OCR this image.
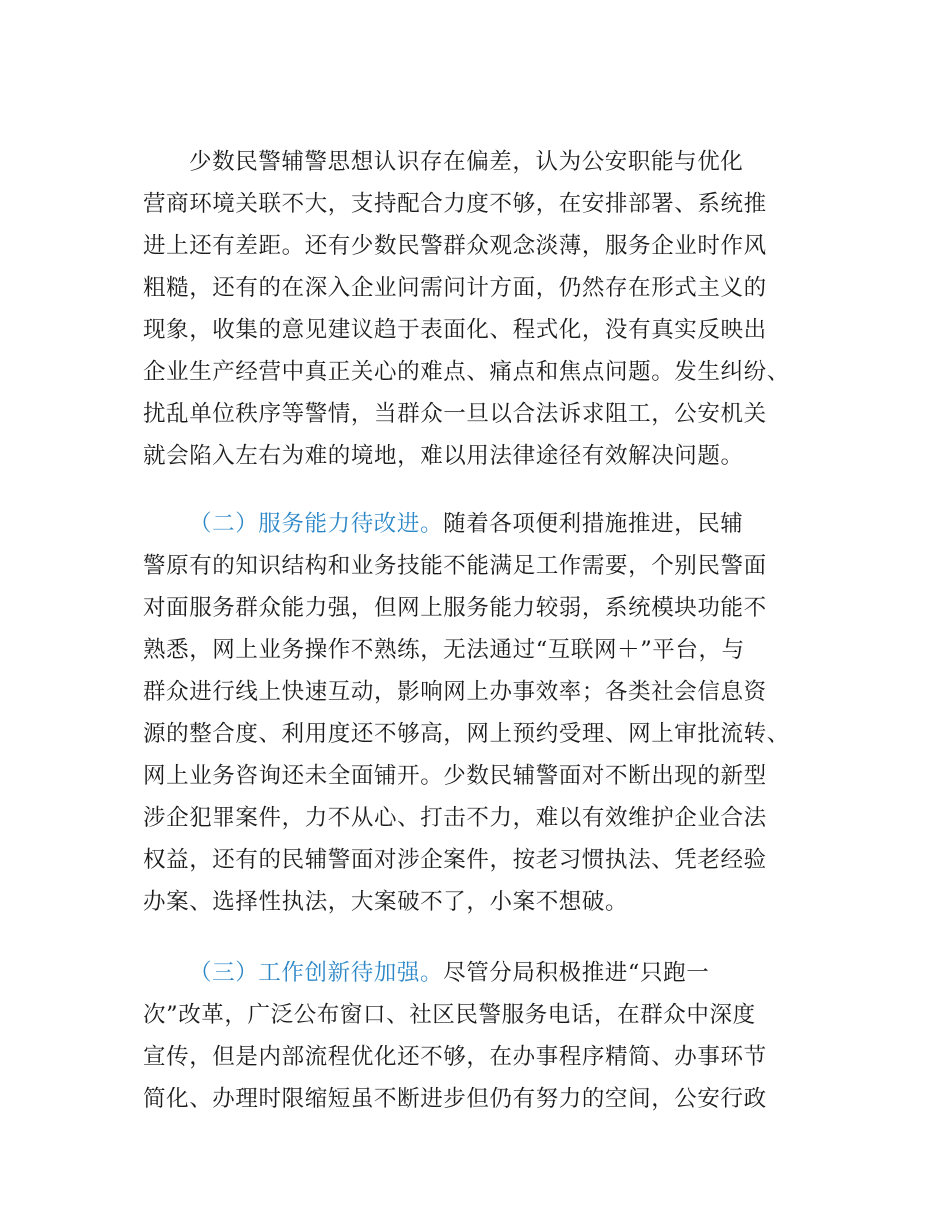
少数民警辅警思想认识存在偏差，认为公安职能与优化
营商环境关联不大，支持配合力度不够，在安排部署、系统推
进上还有差距。还有少数民警群众观念淡薄，服务企业时作风
粗糙，还有的在深入企业问需问计方面，仍然存在形式主义的
现象，收集的意见建议趋于表面化、程式化，没有真实反映出
企业生产经营中真正关心的难点、痛点和焦点问题。发生纠纷、
扰乱单位秩序等警情，当群众一旦以合法诉求阻工，公安机关
就会陷入左右为难的境地，难以用法律途径有效解决问题。
（二）服务能力待改进。随着各项便利措施推进，民辅
警原有的知识结构和业务技能不能满足工作需要，个别民警面
对面服务群众能力强，但网上服务能力较弱，系统模块功能不
熟悉，网上业务操作不熟练，无法通过“互联网＋”平台，与
群众进行线上快速互动，影响网上办事效率；各类社会信息资
源的整合度、利用度还不够高，网上预约受理、网上审批流转、
网上业务咨询还未全面铺开。少数民辅警面对不断出现的新型
涉企犯罪案件，力不从心、打击不力，难以有效维护企业合法
权益，还有的民辅警面对涉企案件，按老习惯执法、凭老经验
办案、选择性执法，大案破不了，小案不想破。
（三）工作创新待加强。尽管分局积极推进“只跑一
次”改革，广泛公布窗口、社区民警服务电话，在群众中深度
宣传，但是内部流程优化还不够，在办事程序精简、办事环节
简化、办理时限缩短虽不断进步但仍有努力的空间，公安行政
